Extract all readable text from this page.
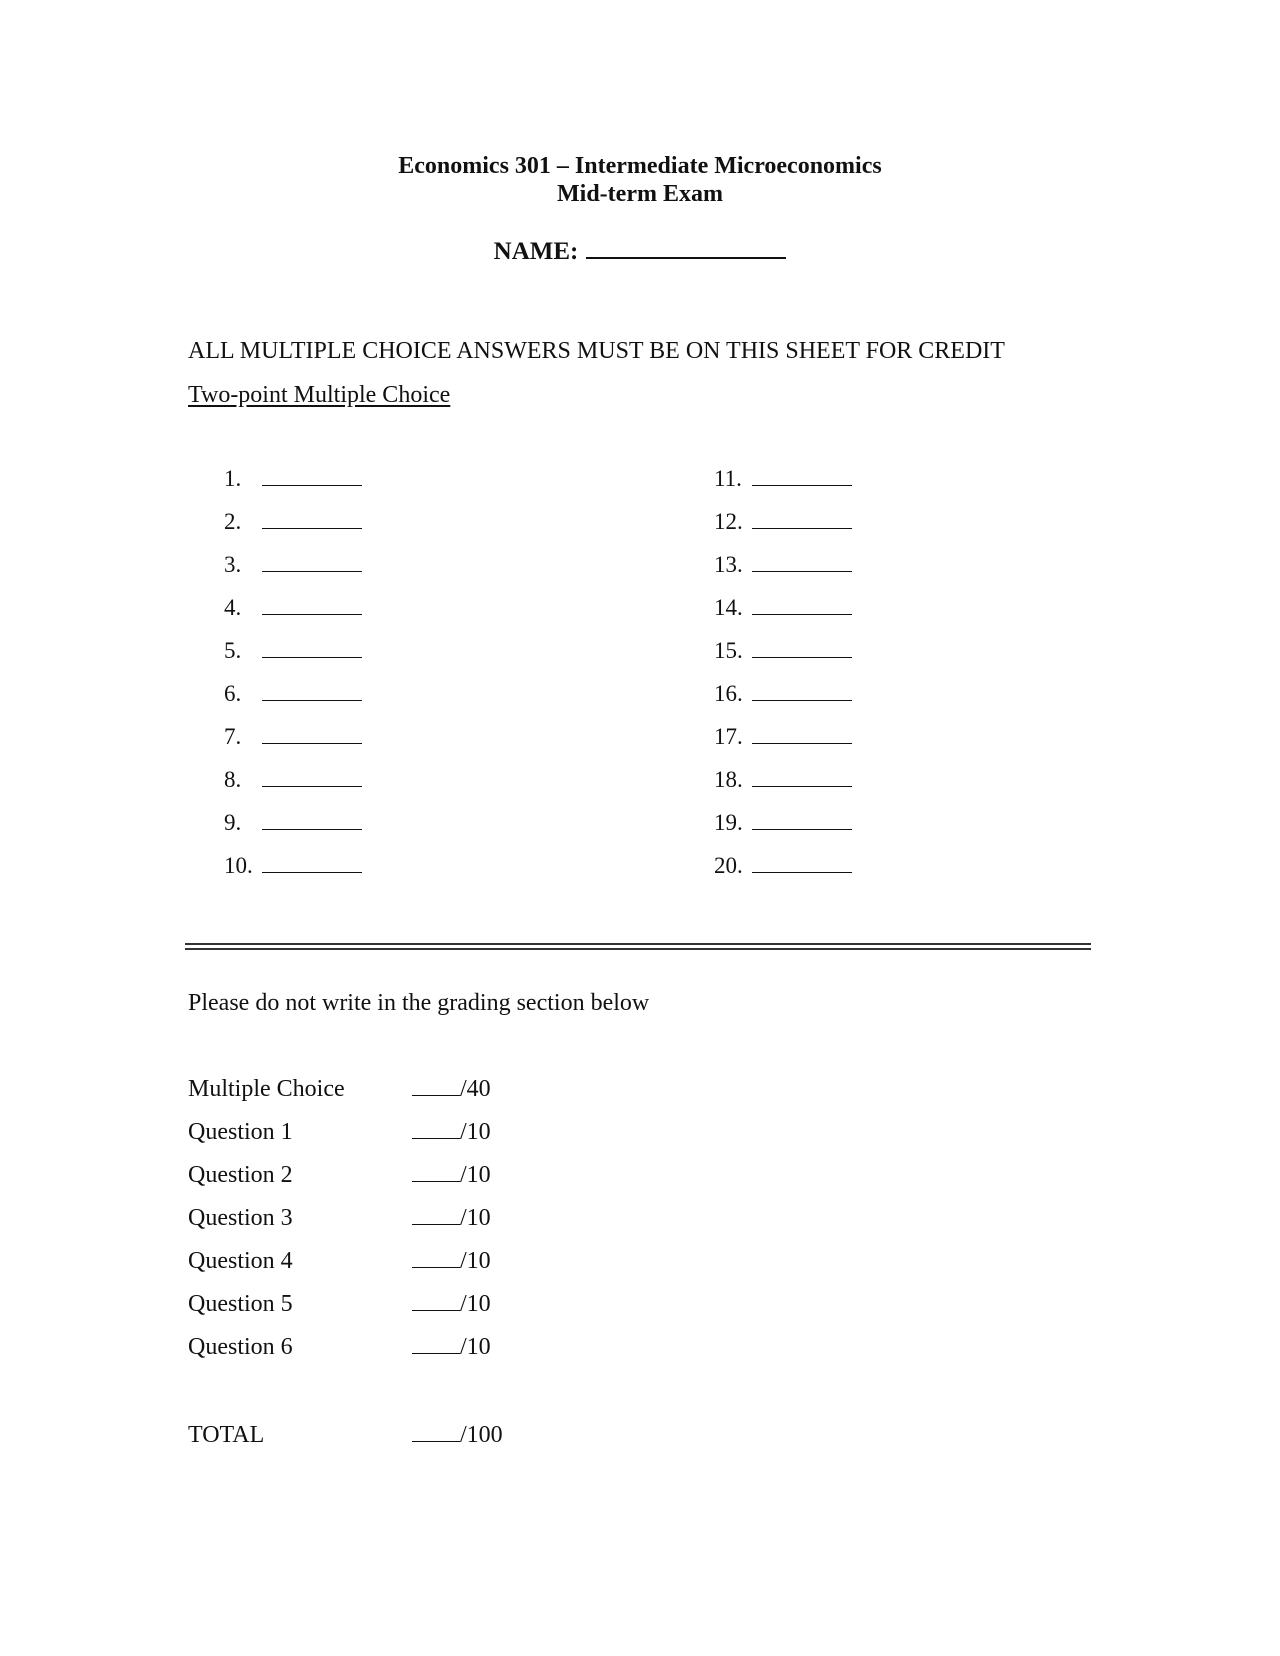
Economics 301 – Intermediate Microeconomics
Mid-term Exam
NAME:
ALL MULTIPLE CHOICE ANSWERS MUST BE ON THIS SHEET FOR CREDIT
Two-point Multiple Choice
1.
2.
3.
4.
5.
6.
7.
8.
9.
10.
11.
12.
13.
14.
15.
16.
17.
18.
19.
20.
Please do not write in the grading section below
Multiple Choice	/40
Question 1	/10
Question 2	/10
Question 3	/10
Question 4	/10
Question 5	/10
Question 6	/10
TOTAL	/100
